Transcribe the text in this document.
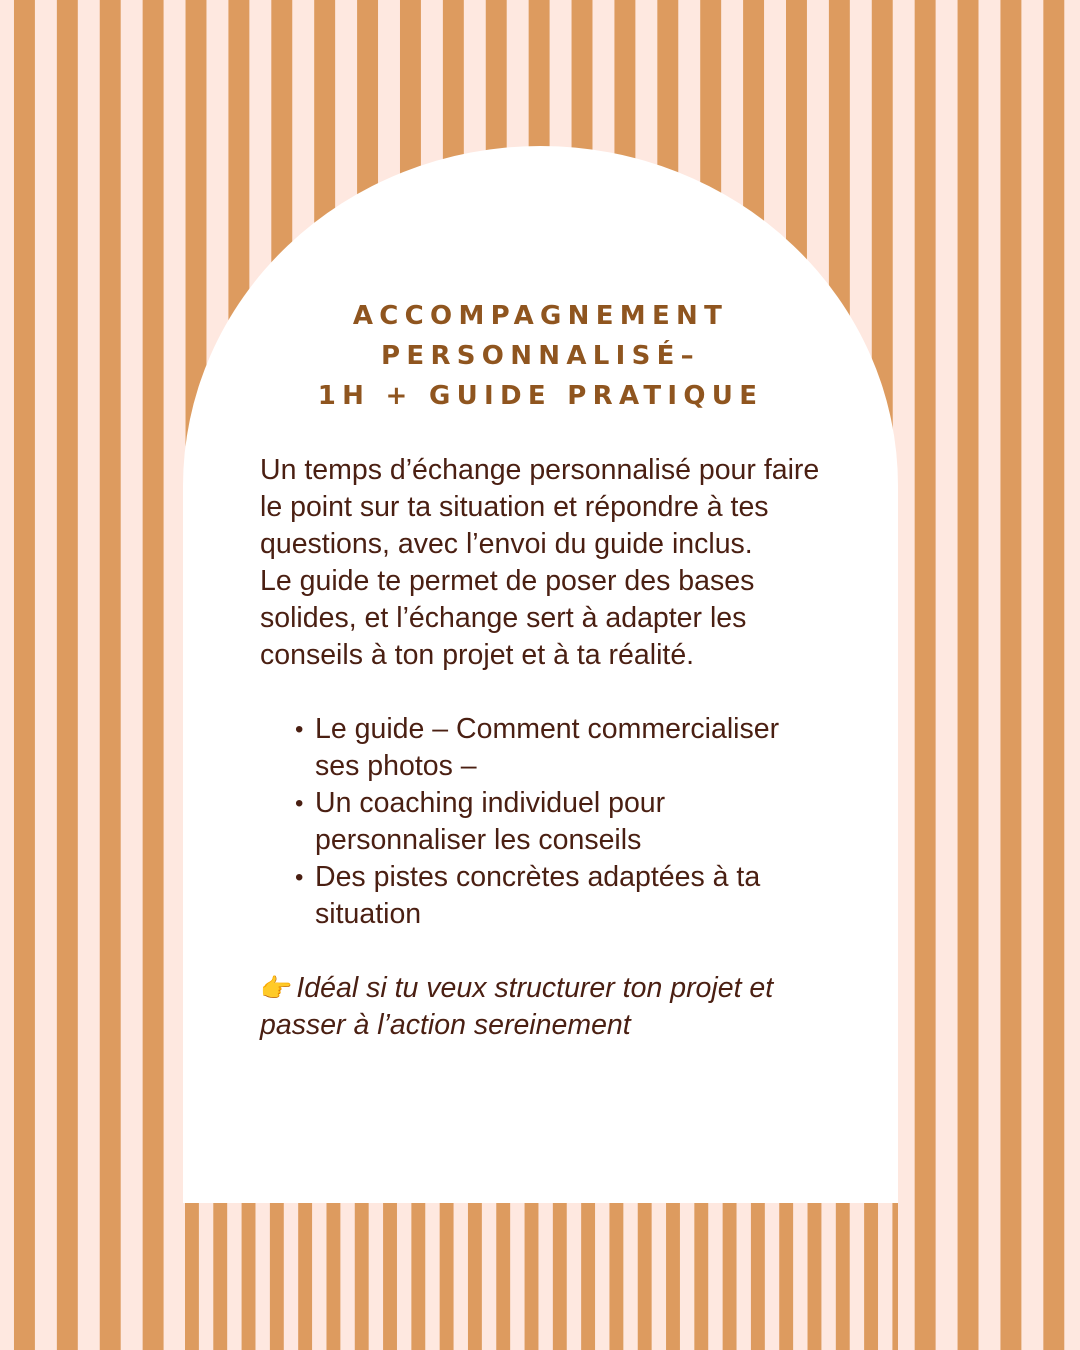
ACCOMPAGNEMENT
PERSONNALISÉ–
1H + GUIDE PRATIQUE

Un temps d’échange personnalisé pour faire le point sur ta situation et répondre à tes questions, avec l’envoi du guide inclus.

Le guide te permet de poser des bases solides, et l’échange sert à adapter les conseils à ton projet et à ta réalité.

• Le guide – Comment commercialiser ses photos –
• Un coaching individuel pour personnaliser les conseils
• Des pistes concrètes adaptées à ta situation

👉 Idéal si tu veux structurer ton projet et passer à l’action sereinement
